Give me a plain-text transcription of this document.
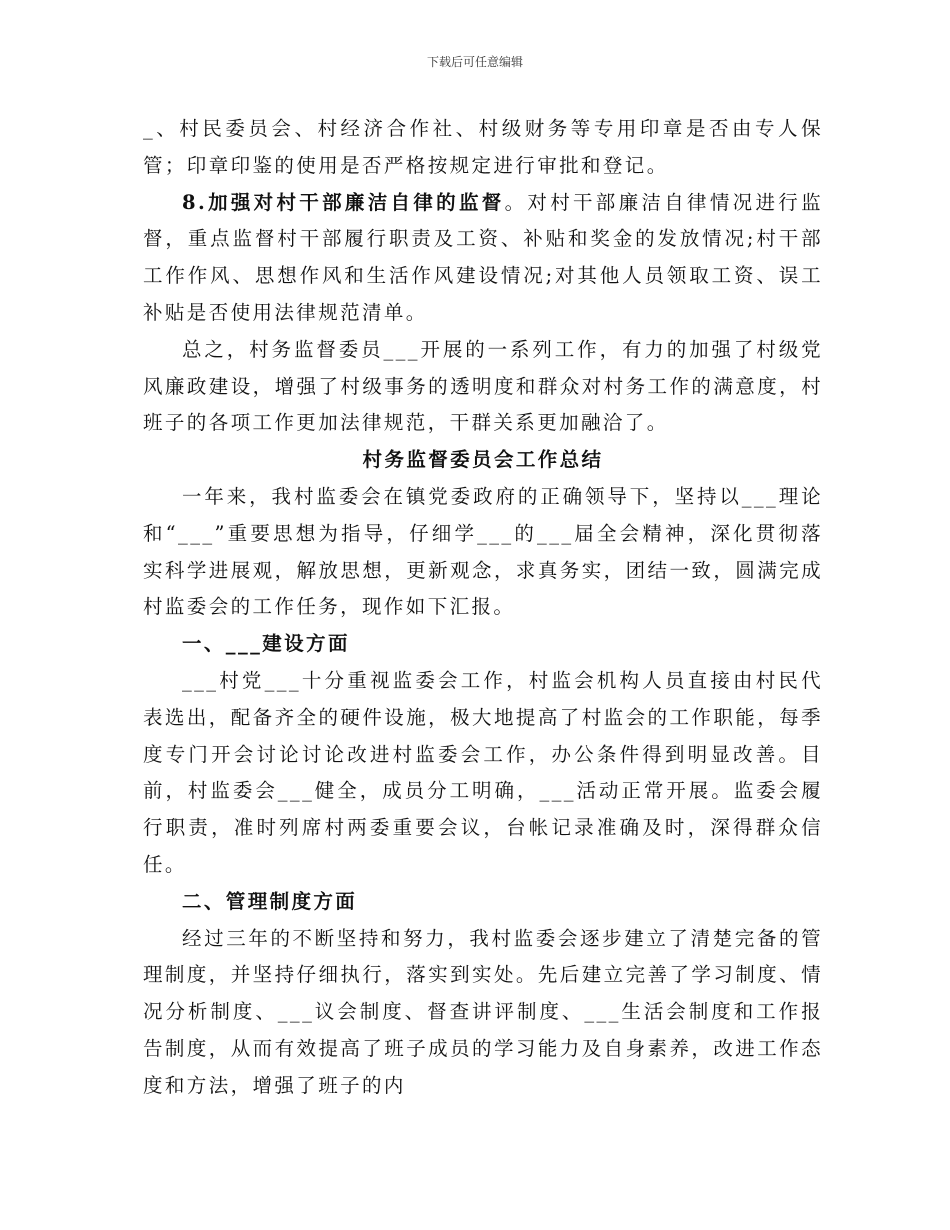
下载后可任意编辑

_、村民委员会、村经济合作社、村级财务等专用印章是否由专人保管；印章印鉴的使用是否严格按规定进行审批和登记。

8.加强对村干部廉洁自律的监督。对村干部廉洁自律情况进行监督，重点监督村干部履行职责及工资、补贴和奖金的发放情况;村干部工作作风、思想作风和生活作风建设情况;对其他人员领取工资、误工补贴是否使用法律规范清单。

总之，村务监督委员___开展的一系列工作，有力的加强了村级党风廉政建设，增强了村级事务的透明度和群众对村务工作的满意度，村班子的各项工作更加法律规范，干群关系更加融洽了。

村务监督委员会工作总结

一年来，我村监委会在镇党委政府的正确领导下，坚持以___理论和“___”重要思想为指导，仔细学___的___届全会精神，深化贯彻落实科学进展观，解放思想，更新观念，求真务实，团结一致，圆满完成村监委会的工作任务，现作如下汇报。

一、___建设方面

___村党___十分重视监委会工作，村监会机构人员直接由村民代表选出，配备齐全的硬件设施，极大地提高了村监会的工作职能，每季度专门开会讨论讨论改进村监委会工作，办公条件得到明显改善。目前，村监委会___健全，成员分工明确，___活动正常开展。监委会履行职责，准时列席村两委重要会议，台帐记录准确及时，深得群众信任。

二、管理制度方面

经过三年的不断坚持和努力，我村监委会逐步建立了清楚完备的管理制度，并坚持仔细执行，落实到实处。先后建立完善了学习制度、情况分析制度、___议会制度、督查讲评制度、___生活会制度和工作报告制度，从而有效提高了班子成员的学习能力及自身素养，改进工作态度和方法，增强了班子的内
